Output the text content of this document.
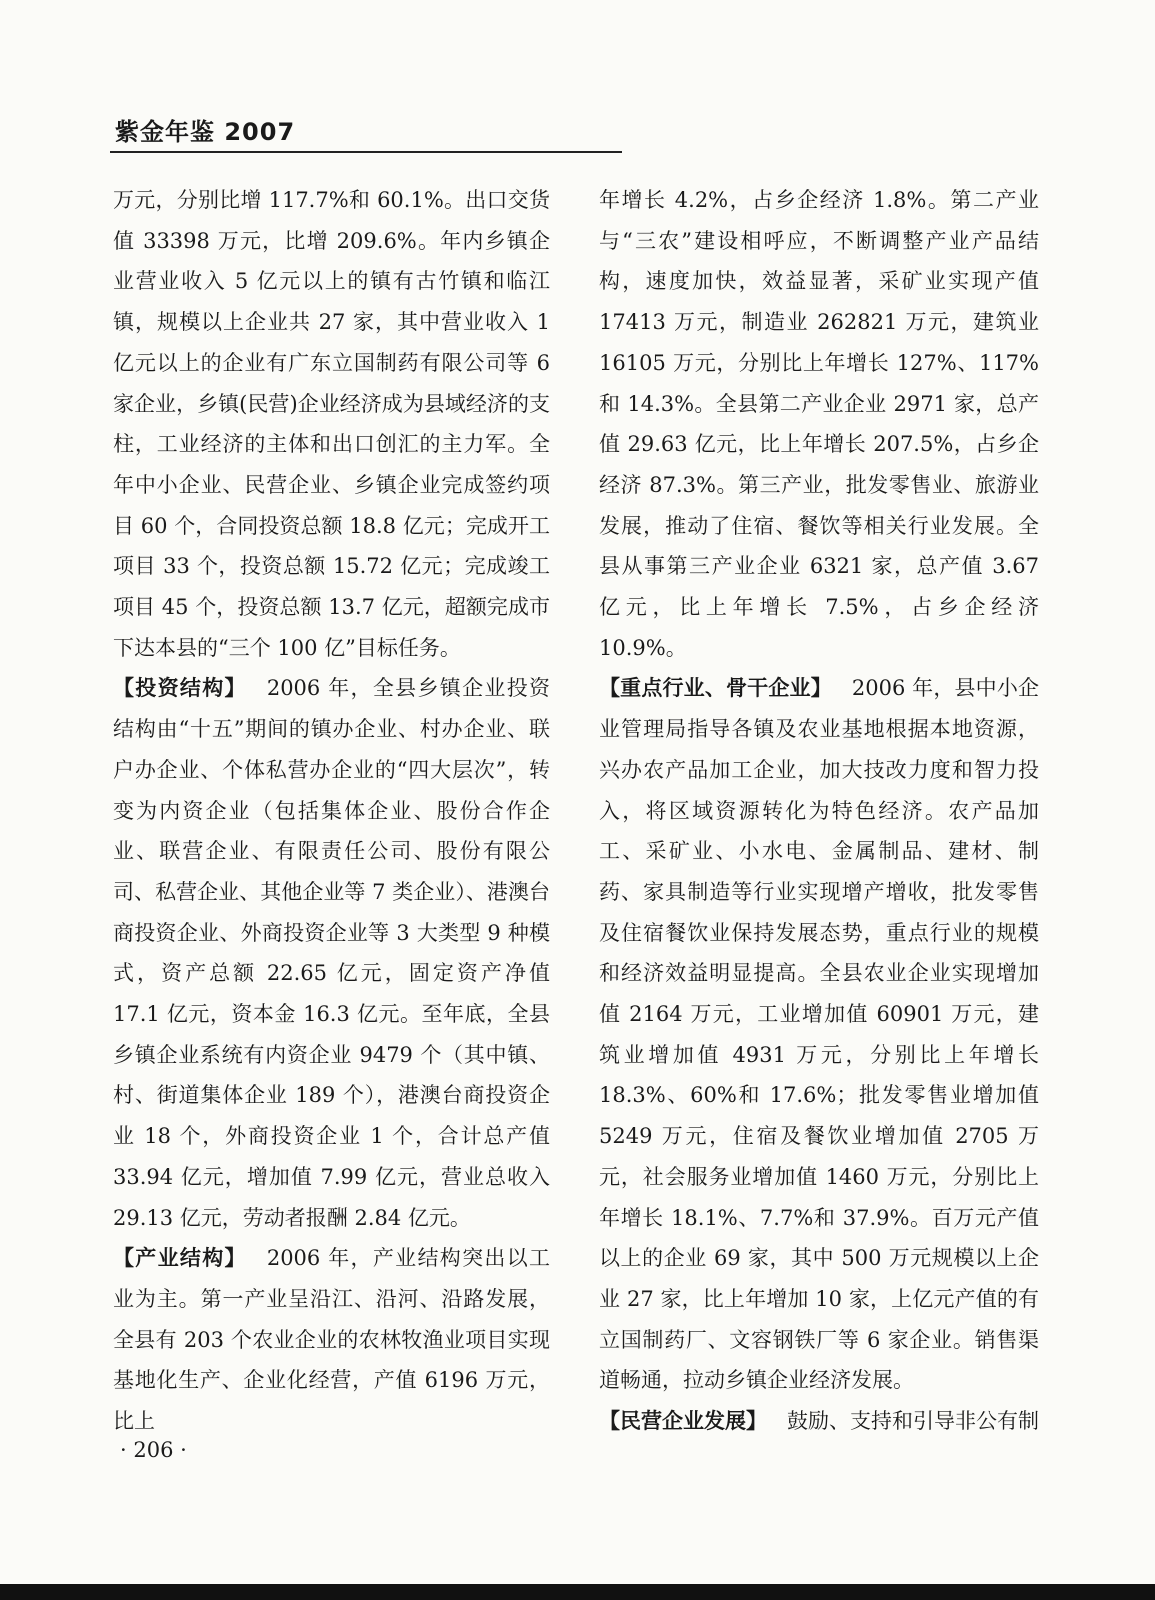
紫金年鉴 2007

万元，分别比增 117.7%和 60.1%。出口交货值 33398 万元，比增 209.6%。年内乡镇企业营业收入 5 亿元以上的镇有古竹镇和临江镇，规模以上企业共 27 家，其中营业收入 1 亿元以上的企业有广东立国制药有限公司等 6 家企业，乡镇(民营)企业经济成为县域经济的支柱，工业经济的主体和出口创汇的主力军。全年中小企业、民营企业、乡镇企业完成签约项目 60 个，合同投资总额 18.8 亿元；完成开工项目 33 个，投资总额 15.72 亿元；完成竣工项目 45 个，投资总额 13.7 亿元，超额完成市下达本县的“三个 100 亿”目标任务。

【投资结构】 2006 年，全县乡镇企业投资结构由“十五”期间的镇办企业、村办企业、联户办企业、个体私营办企业的“四大层次”，转变为内资企业（包括集体企业、股份合作企业、联营企业、有限责任公司、股份有限公司、私营企业、其他企业等 7 类企业）、港澳台商投资企业、外商投资企业等 3 大类型 9 种模式，资产总额 22.65 亿元，固定资产净值 17.1 亿元，资本金 16.3 亿元。至年底，全县乡镇企业系统有内资企业 9479 个（其中镇、村、街道集体企业 189 个），港澳台商投资企业 18 个，外商投资企业 1 个，合计总产值 33.94 亿元，增加值 7.99 亿元，营业总收入 29.13 亿元，劳动者报酬 2.84 亿元。

【产业结构】 2006 年，产业结构突出以工业为主。第一产业呈沿江、沿河、沿路发展，全县有 203 个农业企业的农林牧渔业项目实现基地化生产、企业化经营，产值 6196 万元，比上

年增长 4.2%，占乡企经济 1.8%。第二产业与“三农”建设相呼应，不断调整产业产品结构，速度加快，效益显著，采矿业实现产值 17413 万元，制造业 262821 万元，建筑业 16105 万元，分别比上年增长 127%、117%和 14.3%。全县第二产业企业 2971 家，总产值 29.63 亿元，比上年增长 207.5%，占乡企经济 87.3%。第三产业，批发零售业、旅游业发展，推动了住宿、餐饮等相关行业发展。全县从事第三产业企业 6321 家，总产值 3.67 亿元，比上年增长 7.5%，占乡企经济 10.9%。

【重点行业、骨干企业】 2006 年，县中小企业管理局指导各镇及农业基地根据本地资源，兴办农产品加工企业，加大技改力度和智力投入，将区域资源转化为特色经济。农产品加工、采矿业、小水电、金属制品、建材、制药、家具制造等行业实现增产增收，批发零售及住宿餐饮业保持发展态势，重点行业的规模和经济效益明显提高。全县农业企业实现增加值 2164 万元，工业增加值 60901 万元，建筑业增加值 4931 万元，分别比上年增长 18.3%、60%和 17.6%；批发零售业增加值 5249 万元，住宿及餐饮业增加值 2705 万元，社会服务业增加值 1460 万元，分别比上年增长 18.1%、7.7%和 37.9%。百万元产值以上的企业 69 家，其中 500 万元规模以上企业 27 家，比上年增加 10 家，上亿元产值的有立国制药厂、文容钢铁厂等 6 家企业。销售渠道畅通，拉动乡镇企业经济发展。

【民营企业发展】 鼓励、支持和引导非公有制

· 206 ·
